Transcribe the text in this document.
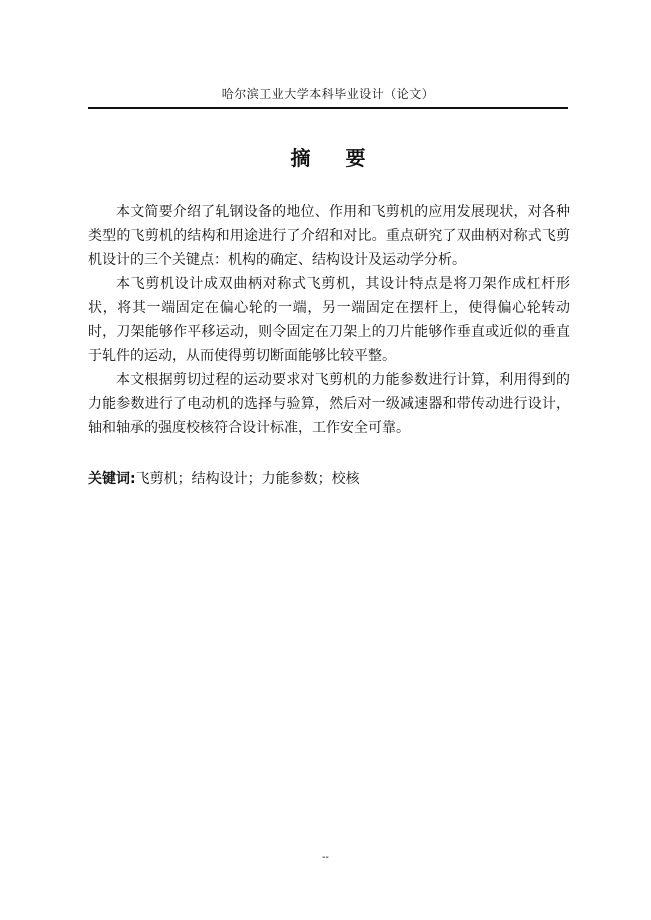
哈尔滨工业大学本科毕业设计（论文）
摘 要

本文简要介绍了轧钢设备的地位、作用和飞剪机的应用发展现状，对各种类型的飞剪机的结构和用途进行了介绍和对比。重点研究了双曲柄对称式飞剪机设计的三个关键点：机构的确定、结构设计及运动学分析。

本飞剪机设计成双曲柄对称式飞剪机，其设计特点是将刀架作成杠杆形状，将其一端固定在偏心轮的一端，另一端固定在摆杆上，使得偏心轮转动时，刀架能够作平移运动，则令固定在刀架上的刀片能够作垂直或近似的垂直于轧件的运动，从而使得剪切断面能够比较平整。

本文根据剪切过程的运动要求对飞剪机的力能参数进行计算，利用得到的力能参数进行了电动机的选择与验算，然后对一级减速器和带传动进行设计，轴和轴承的强度校核符合设计标准，工作安全可靠。

关键词:飞剪机；结构设计；力能参数；校核
--
